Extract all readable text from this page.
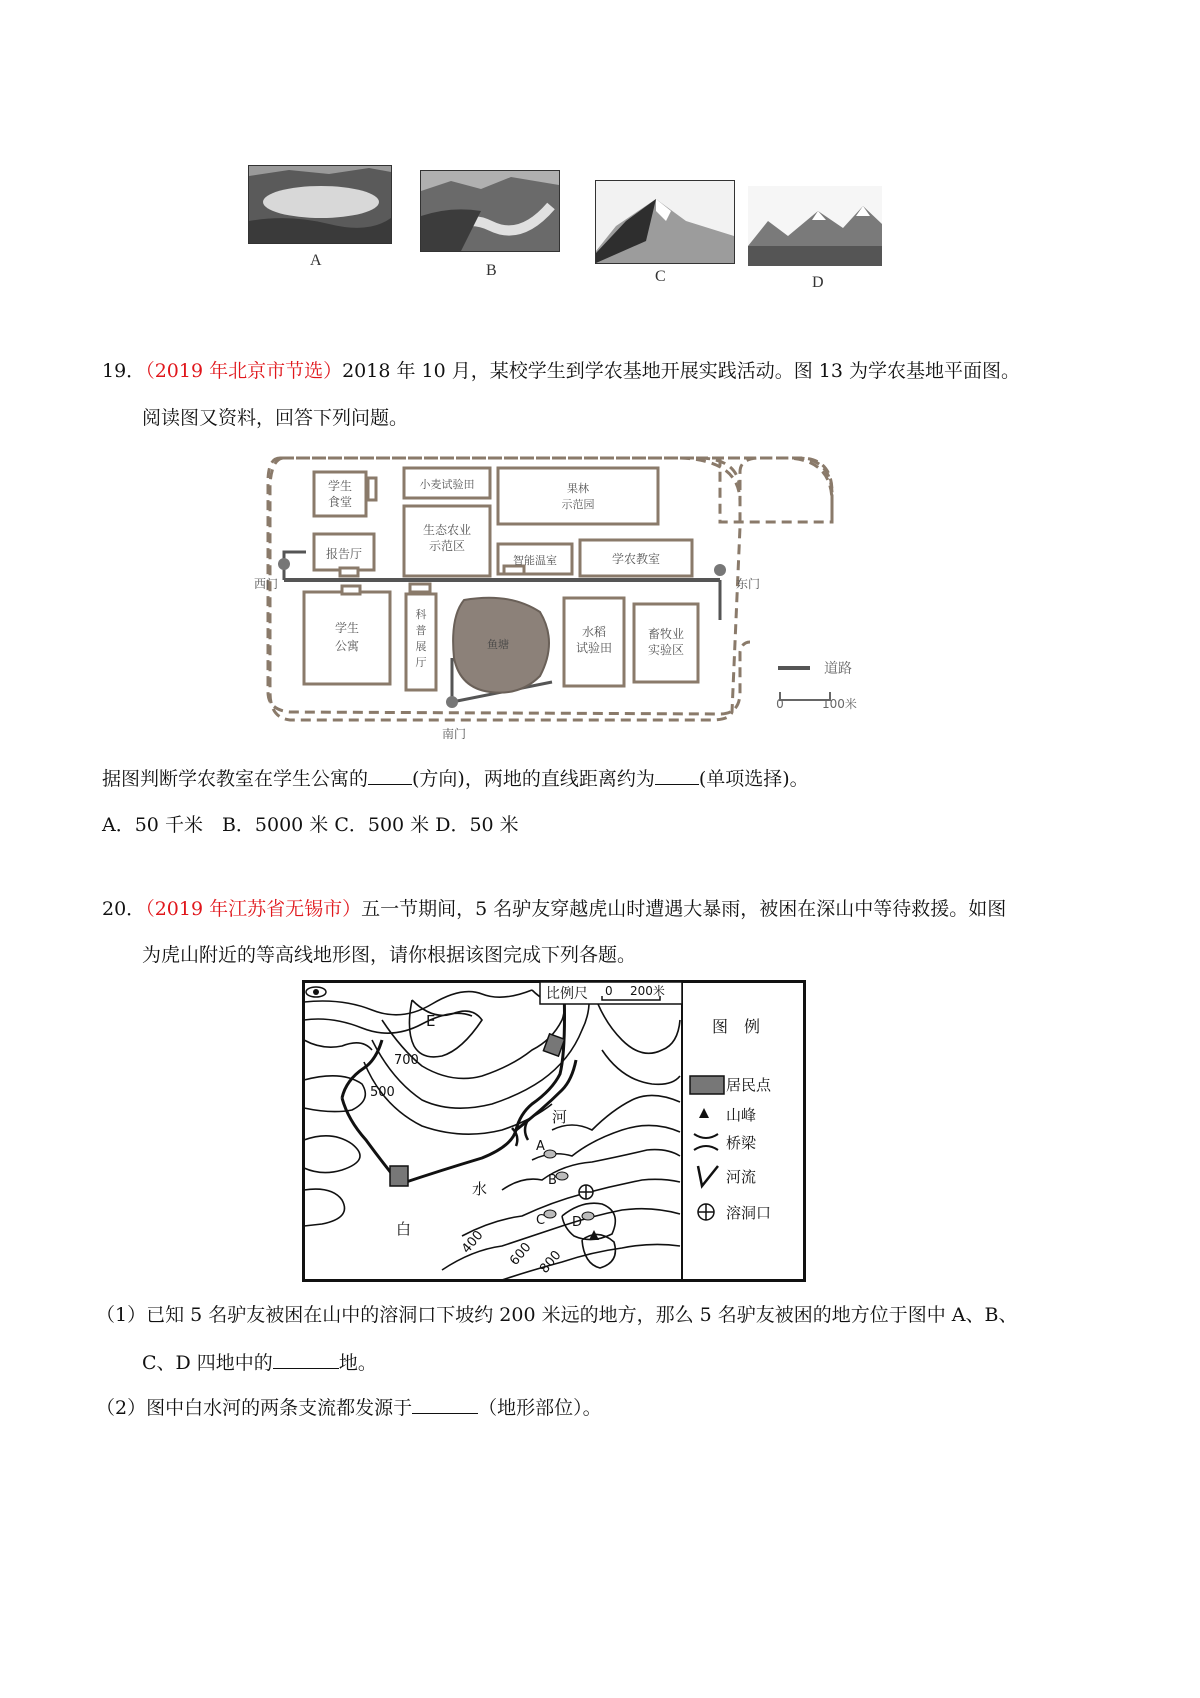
A
B	C	D
19．（2019 年北京市节选）2018 年 10 月，某校学生到学农基地开展实践活动。图 13 为学农基地平面图。
阅读图又资料，回答下列问题。
学生
食堂
小麦试验田	果林
示范园
报告厅
生态农业
示范区
智能温室	学农教室
西门	东门
学生
公寓
科
普
展
厅
鱼塘
水稻
试验田
畜牧业
实验区
南门
道路
0	100米
据图判断学农教室在学生公寓的 (方向)，两地的直线距离约为 (单项选择)。
A．50 千米　B．5000 米 C．500 米 D．50 米
20．（2019 年江苏省无锡市）五一节期间，5 名驴友穿越虎山时遭遇大暴雨，被困在深山中等待救援。如图
为虎山附近的等高线地形图，请你根据该图完成下列各题。
E
700
500
A
B
C D
400 600 800
河
水
白
比例尺 0 200米
图　例
居民点
山峰
桥梁
河流
溶洞口
（1）已知 5 名驴友被困在山中的溶洞口下坡约 200 米远的地方，那么 5 名驴友被困的地方位于图中 A、B、
C、D 四地中的	地。
（2）图中白水河的两条支流都发源于	（地形部位）。
